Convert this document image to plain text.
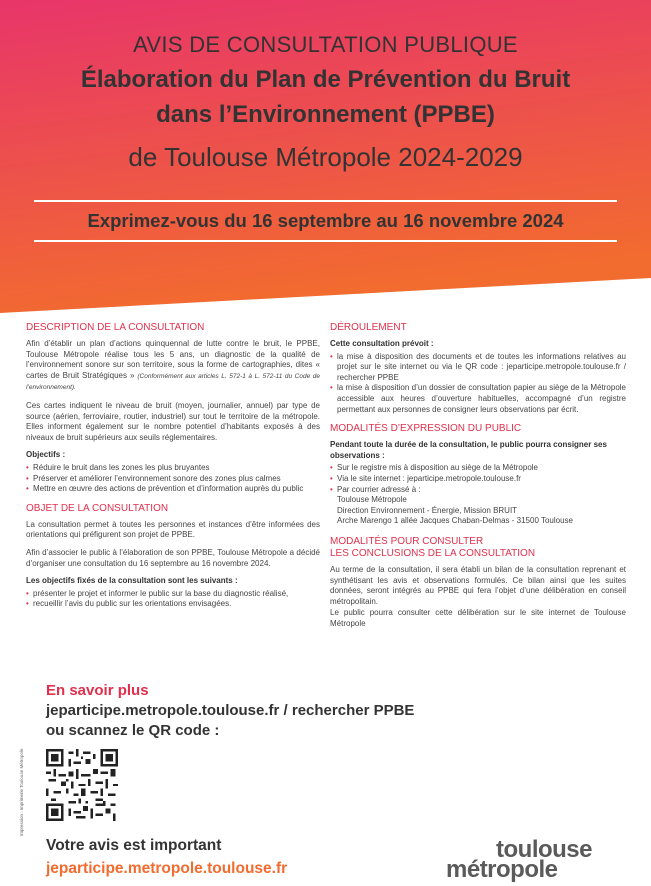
AVIS DE CONSULTATION PUBLIQUE
Élaboration du Plan de Prévention du Bruit
dans l’Environnement (PPBE)
de Toulouse Métropole 2024-2029
Exprimez-vous du 16 septembre au 16 novembre 2024
DESCRIPTION DE LA CONSULTATION

Afin d’établir un plan d’actions quinquennal de lutte contre le bruit, le PPBE, Toulouse Métropole réalise tous les 5 ans, un diagnostic de la qualité de l’environnement sonore sur son territoire, sous la forme de cartographies, dites « cartes de Bruit Stratégiques » (Conformément aux articles L. 572-1 à L. 572-11 du Code de l’environnement).

Ces cartes indiquent le niveau de bruit (moyen, journalier, annuel) par type de source (aérien, ferroviaire, routier, industriel) sur tout le territoire de la métropole. Elles informent également sur le nombre potentiel d’habitants exposés à des niveaux de bruit supérieurs aux seuils réglementaires.

Objectifs :
• Réduire le bruit dans les zones les plus bruyantes
• Préserver et améliorer l’environnement sonore des zones plus calmes
• Mettre en œuvre des actions de prévention et d’information auprès du public
OBJET DE LA CONSULTATION

La consultation permet à toutes les personnes et instances d’être informées des orientations qui préfigurent son projet de PPBE.

Afin d’associer le public à l’élaboration de son PPBE, Toulouse Métropole a décidé d’organiser une consultation du 16 septembre au 16 novembre 2024.

Les objectifs fixés de la consultation sont les suivants :
• présenter le projet et informer le public sur la base du diagnostic réalisé,
• recueillir l’avis du public sur les orientations envisagées.
DÉROULEMENT
Cette consultation prévoit :
• la mise à disposition des documents et de toutes les informations relatives au projet sur le site internet ou via le QR code : jeparticipe.metropole.toulouse.fr / rechercher PPBE
• la mise à disposition d’un dossier de consultation papier au siège de la Métropole accessible aux heures d’ouverture habituelles, accompagné d’un registre permettant aux personnes de consigner leurs observations par écrit.
MODALITÉS D’EXPRESSION DU PUBLIC
Pendant toute la durée de la consultation, le public pourra consigner ses observations :
• Sur le registre mis à disposition au siège de la Métropole
• Via le site internet : jeparticipe.metropole.toulouse.fr
• Par courrier adressé à :
Toulouse Métropole
Direction Environnement - Énergie, Mission BRUIT
Arche Marengo 1 allée Jacques Chaban-Delmas - 31500 Toulouse
MODALITÉS POUR CONSULTER
LES CONCLUSIONS DE LA CONSULTATION

Au terme de la consultation, il sera établi un bilan de la consultation reprenant et synthétisant les avis et observations formulés. Ce bilan ainsi que les suites données, seront intégrés au PPBE qui fera l’objet d’une délibération en conseil métropolitain.

Le public pourra consulter cette délibération sur le site internet de Toulouse Métropole

En savoir plus
jeparticipe.metropole.toulouse.fr / rechercher PPBE
ou scannez le QR code :
Impression : Imprimerie Toulouse Métropole
Votre avis est important
jeparticipe.metropole.toulouse.fr
toulouse
métropole
